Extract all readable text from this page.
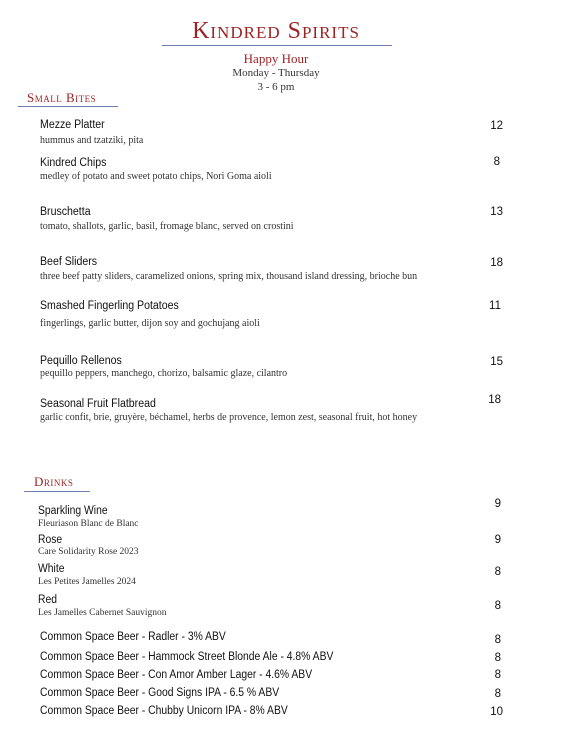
Kindred Spirits
Happy Hour
Monday - Thursday
3 - 6 pm
Small Bites
Mezze Platter
hummus and tzatziki, pita
12
Kindred Chips
medley of potato and sweet potato chips, Nori Goma aioli
8
Bruschetta
tomato, shallots, garlic, basil, fromage blanc, served on crostini
13
Beef Sliders
three beef patty sliders, caramelized onions, spring mix, thousand island dressing, brioche bun
18
Smashed Fingerling Potatoes
fingerlings, garlic butter, dijon soy and gochujang aioli
11
Pequillo Rellenos
pequillo peppers, manchego, chorizo, balsamic glaze, cilantro
15
Seasonal Fruit Flatbread
garlic confit, brie, gruyère, béchamel, herbs de provence, lemon zest, seasonal fruit, hot honey
18
Drinks
Sparkling Wine
Fleuriason Blanc de Blanc
9
Rose
Care Solidarity Rose 2023
9
White
Les Petites Jamelles 2024
8
Red
Les Jamelles Cabernet Sauvignon
8
Common Space Beer - Radler - 3% ABV	8
Common Space Beer - Hammock Street Blonde Ale - 4.8% ABV	8
Common Space Beer - Con Amor Amber Lager - 4.6% ABV	8
Common Space Beer - Good Signs IPA - 6.5 % ABV	8
Common Space Beer - Chubby Unicorn IPA - 8% ABV	10
